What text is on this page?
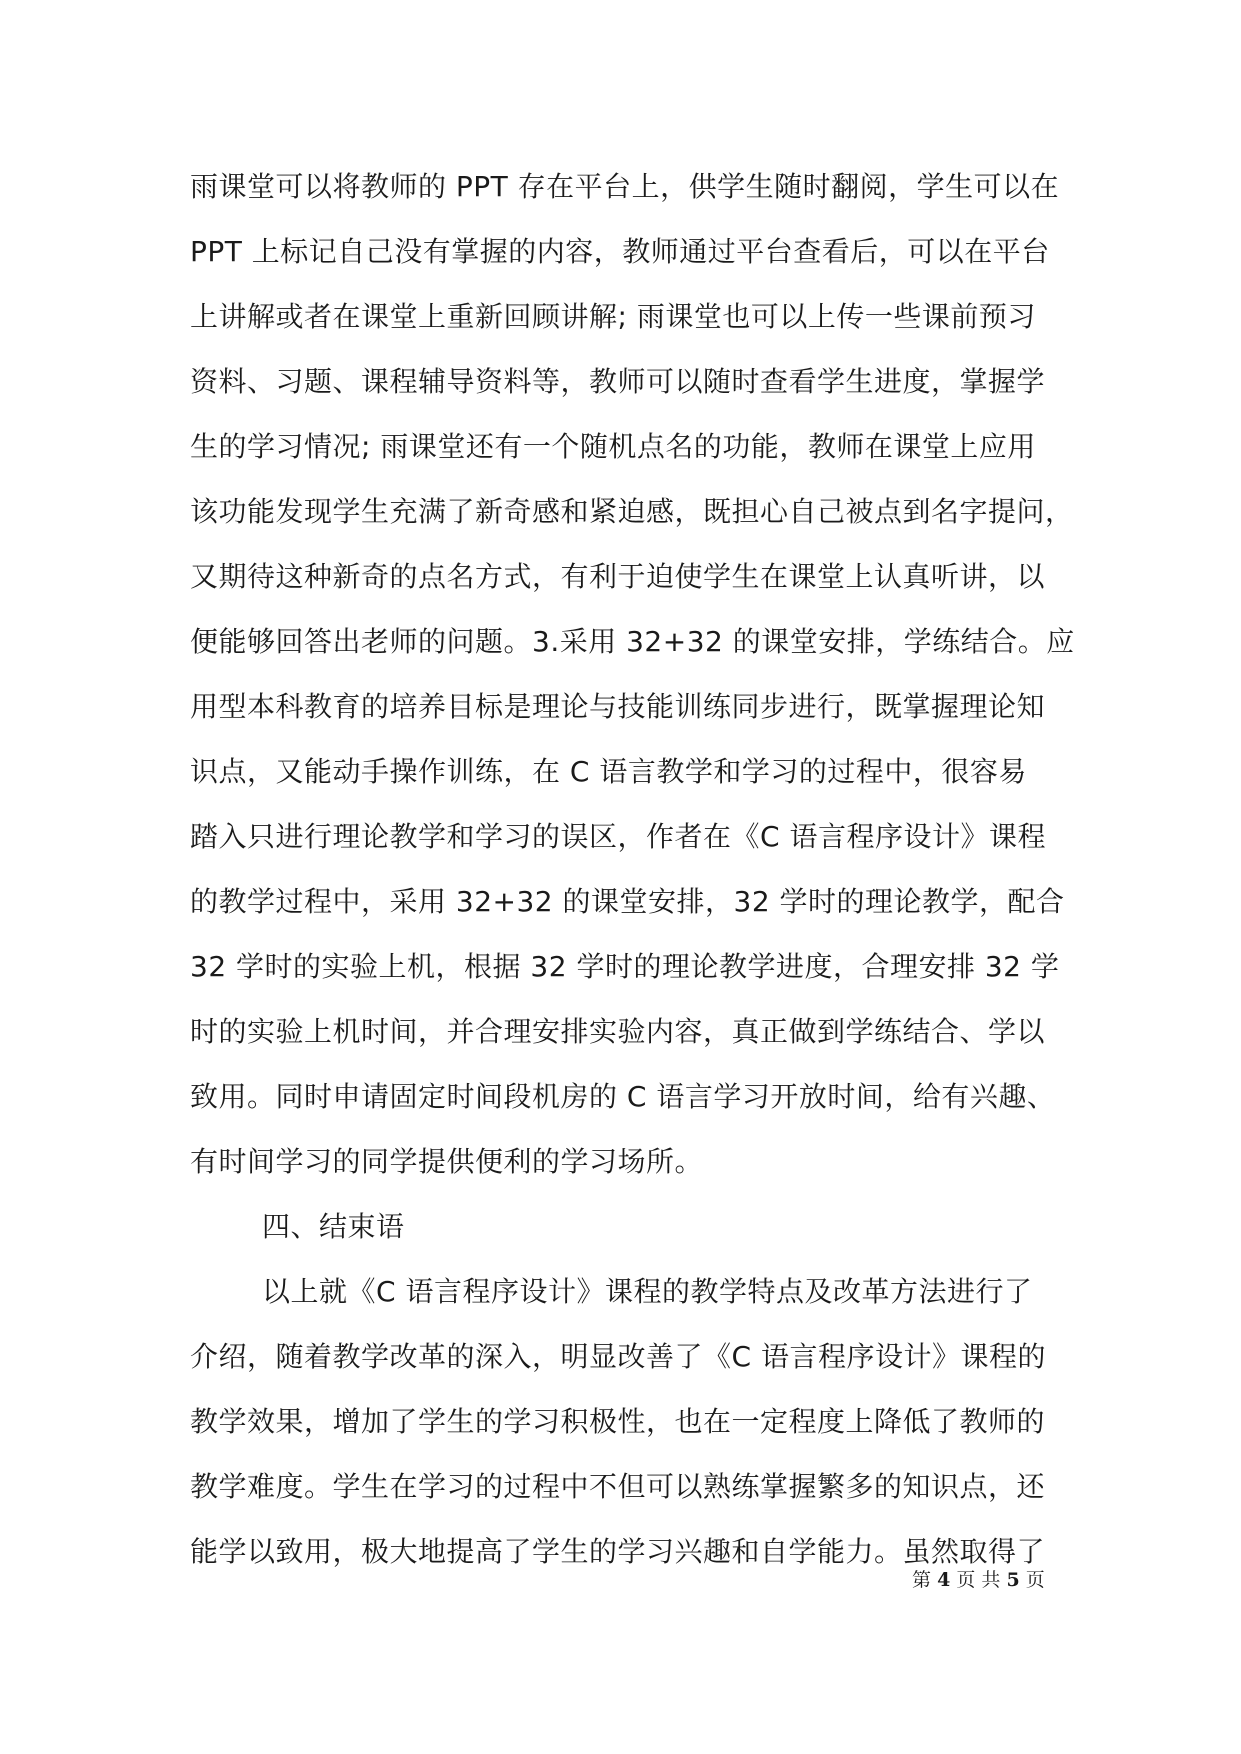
雨课堂可以将教师的 PPT 存在平台上，供学生随时翻阅，学生可以在
PPT 上标记自己没有掌握的内容，教师通过平台查看后，可以在平台
上讲解或者在课堂上重新回顾讲解; 雨课堂也可以上传一些课前预习
资料、习题、课程辅导资料等，教师可以随时查看学生进度，掌握学
生的学习情况; 雨课堂还有一个随机点名的功能，教师在课堂上应用
该功能发现学生充满了新奇感和紧迫感，既担心自己被点到名字提问，
又期待这种新奇的点名方式，有利于迫使学生在课堂上认真听讲，以
便能够回答出老师的问题。3.采用 32+32 的课堂安排，学练结合。应
用型本科教育的培养目标是理论与技能训练同步进行，既掌握理论知
识点，又能动手操作训练，在 C 语言教学和学习的过程中，很容易
踏入只进行理论教学和学习的误区，作者在《C 语言程序设计》课程
的教学过程中，采用 32+32 的课堂安排，32 学时的理论教学，配合
32 学时的实验上机，根据 32 学时的理论教学进度，合理安排 32 学
时的实验上机时间，并合理安排实验内容，真正做到学练结合、学以
致用。同时申请固定时间段机房的 C 语言学习开放时间，给有兴趣、
有时间学习的同学提供便利的学习场所。
四、结束语
以上就《C 语言程序设计》课程的教学特点及改革方法进行了
介绍，随着教学改革的深入，明显改善了《C 语言程序设计》课程的
教学效果，增加了学生的学习积极性，也在一定程度上降低了教师的
教学难度。学生在学习的过程中不但可以熟练掌握繁多的知识点，还
能学以致用，极大地提高了学生的学习兴趣和自学能力。虽然取得了
第 4 页 共 5 页
